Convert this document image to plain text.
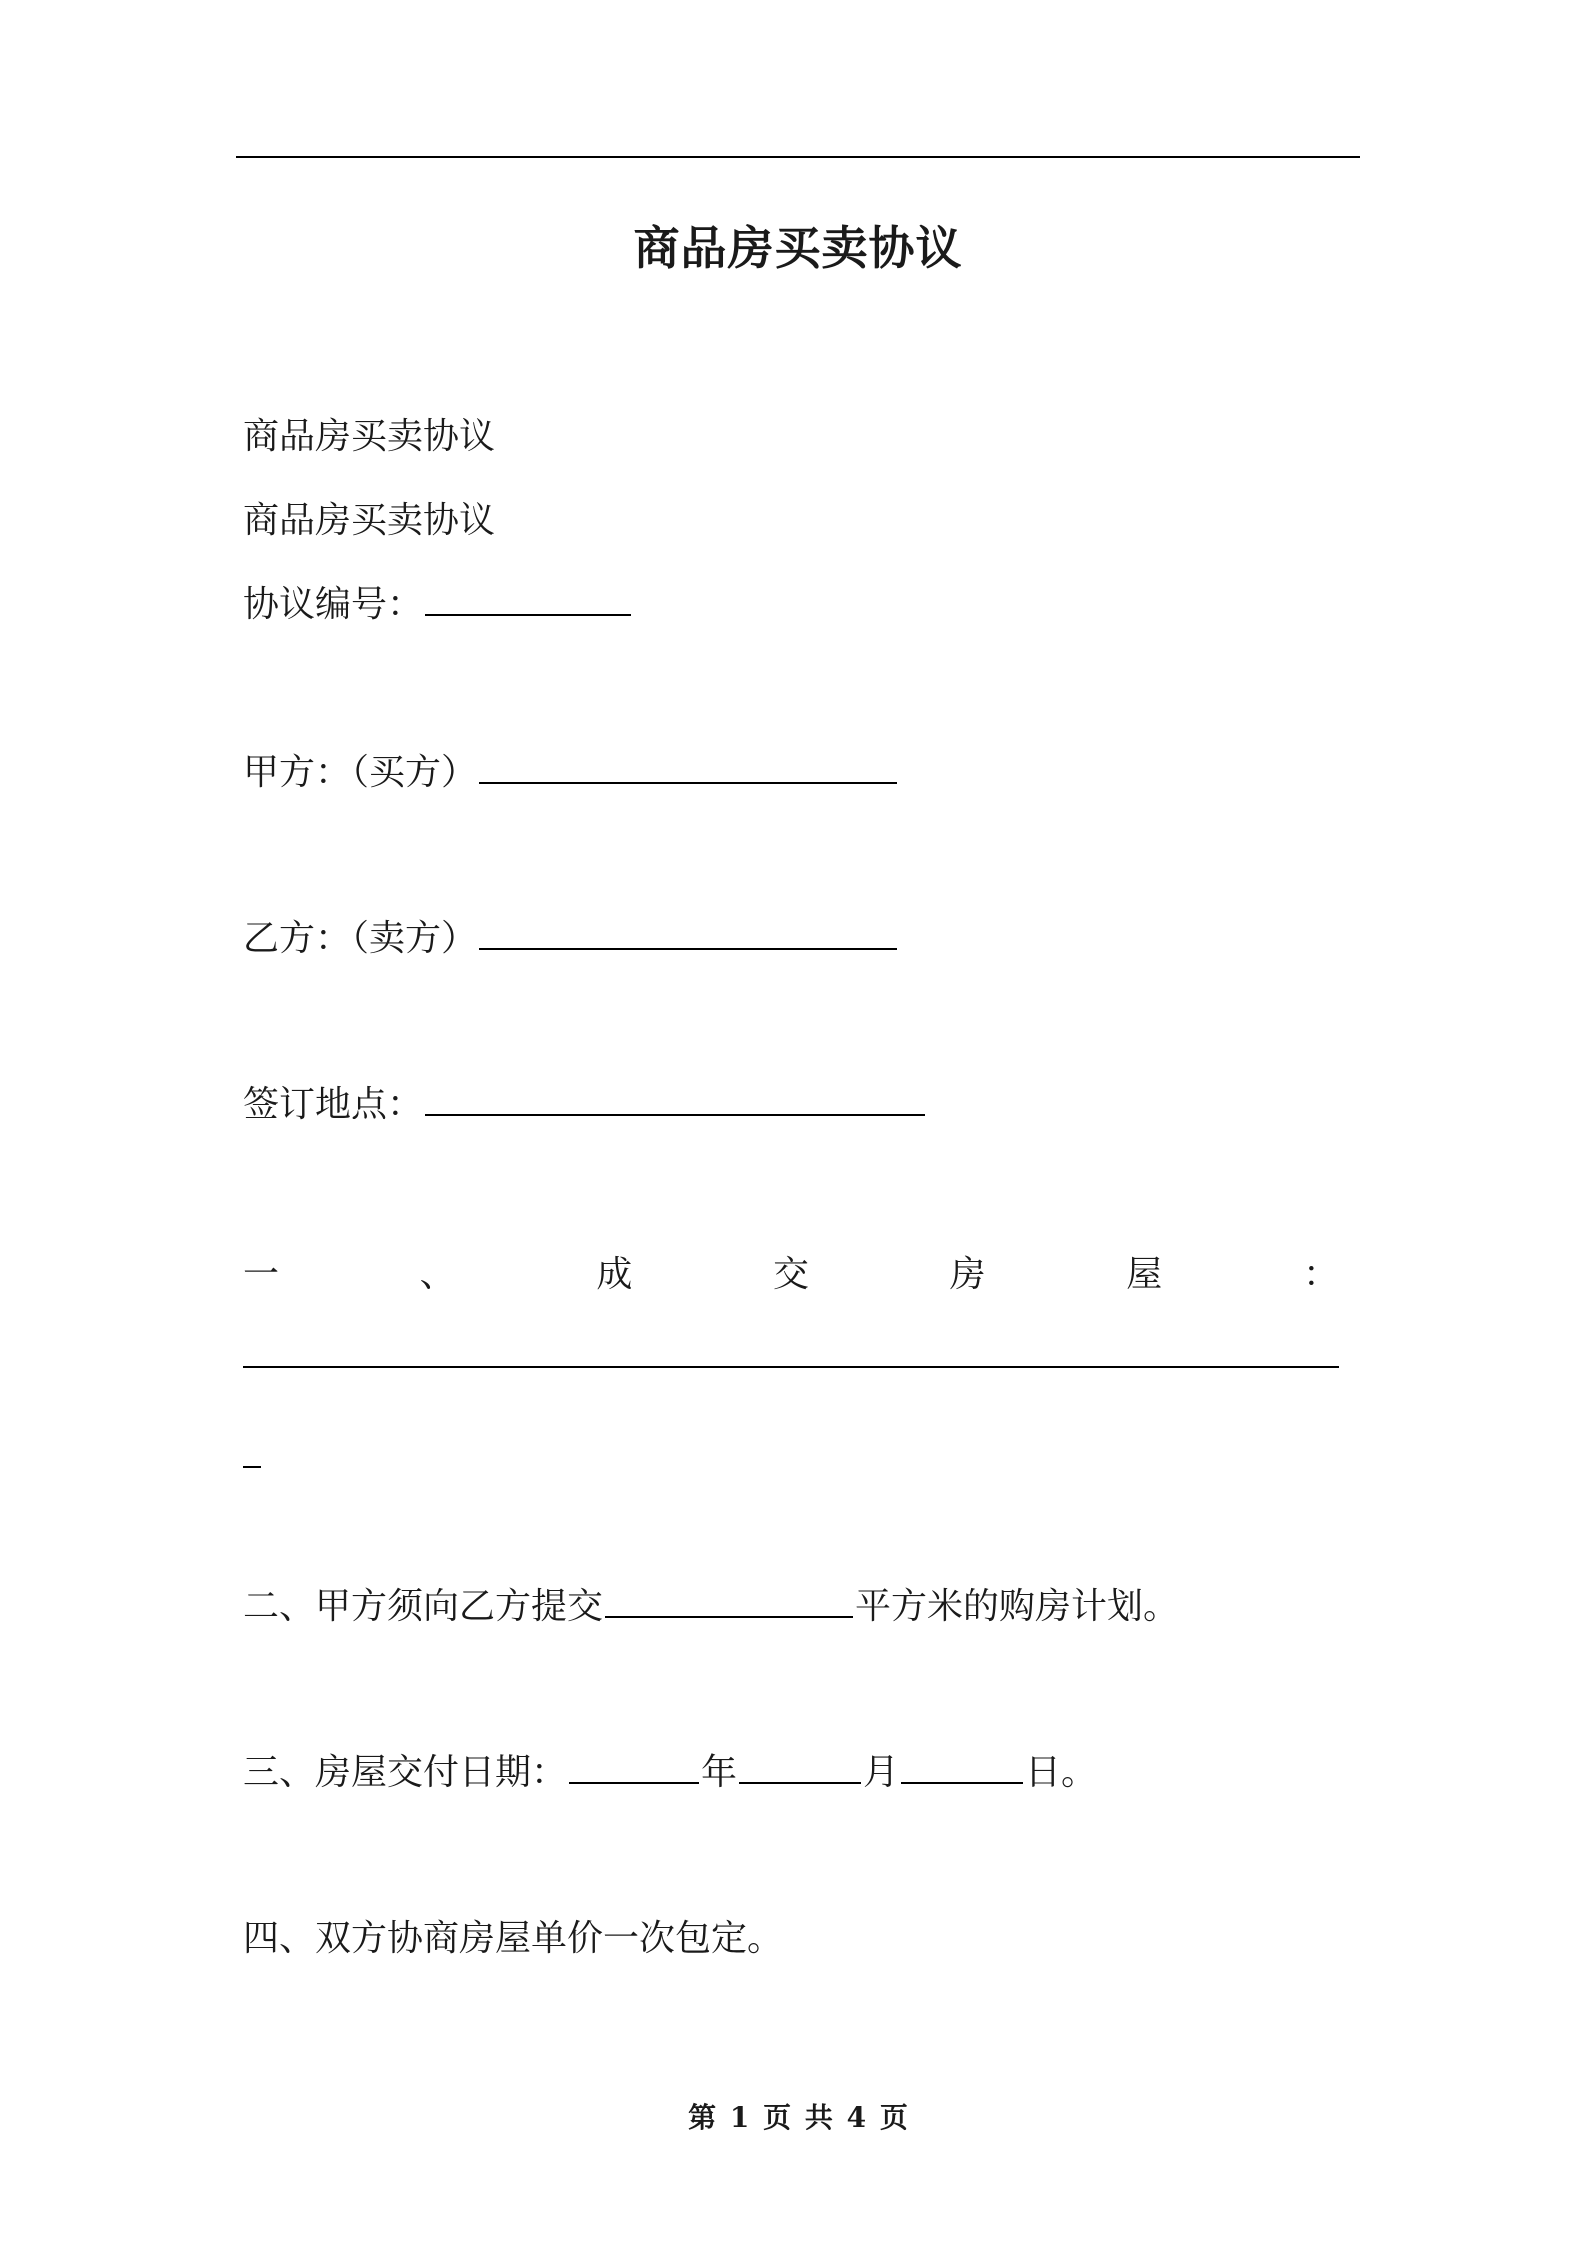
商品房买卖协议
商品房买卖协议
商品房买卖协议
协议编号：
甲方：（买方）
乙方：（卖方）
签订地点：
一	、	成	交	房	屋	：
二、甲方须向乙方提交	平方米的购房计划。
三、房屋交付日期：	年	月	日。
四、双方协商房屋单价一次包定。
第 1 页 共 4 页
